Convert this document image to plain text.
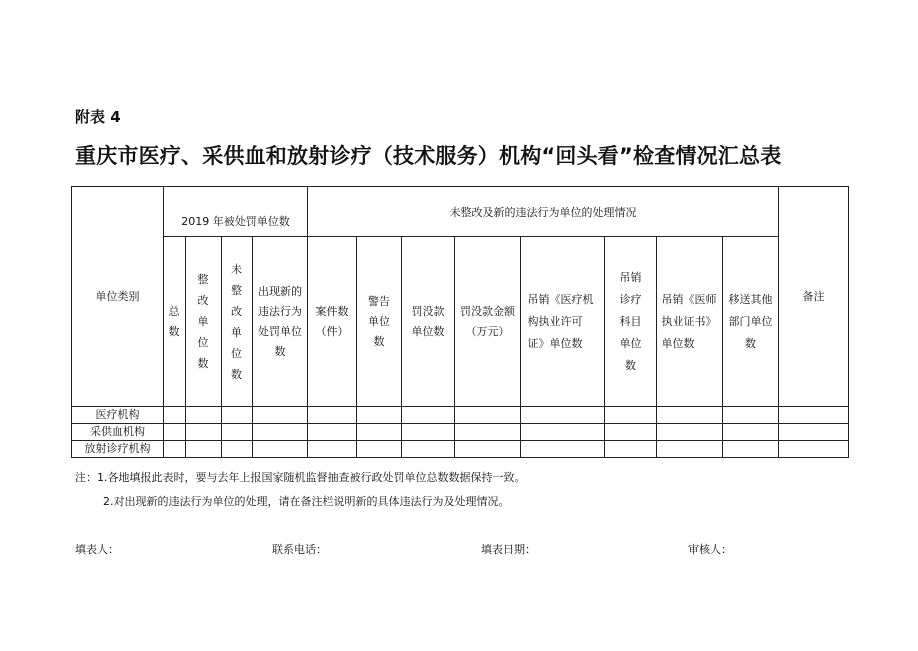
附表 4
重庆市医疗、采供血和放射诊疗（技术服务）机构“回头看”检查情况汇总表
单位类别	2019 年被处罚单位数				未整改及新的违法行为单位的处理情况								备注
	总数	整改单位数	未整改单位数	出现新的违法行为处罚单位数	案件数（件）	警告单位数	罚没款单位数	罚没款金额（万元）	吊销《医疗机构执业许可证》单位数	吊销诊疗科目单位数	吊销《医师执业证书》单位数	移送其他部门单位数	
医疗机构													
采供血机构													
放射诊疗机构													
注：1.各地填报此表时，要与去年上报国家随机监督抽查被行政处罚单位总数数据保持一致。
2.对出现新的违法行为单位的处理，请在备注栏说明新的具体违法行为及处理情况。
填表人：	联系电话：	填表日期：	审核人：
